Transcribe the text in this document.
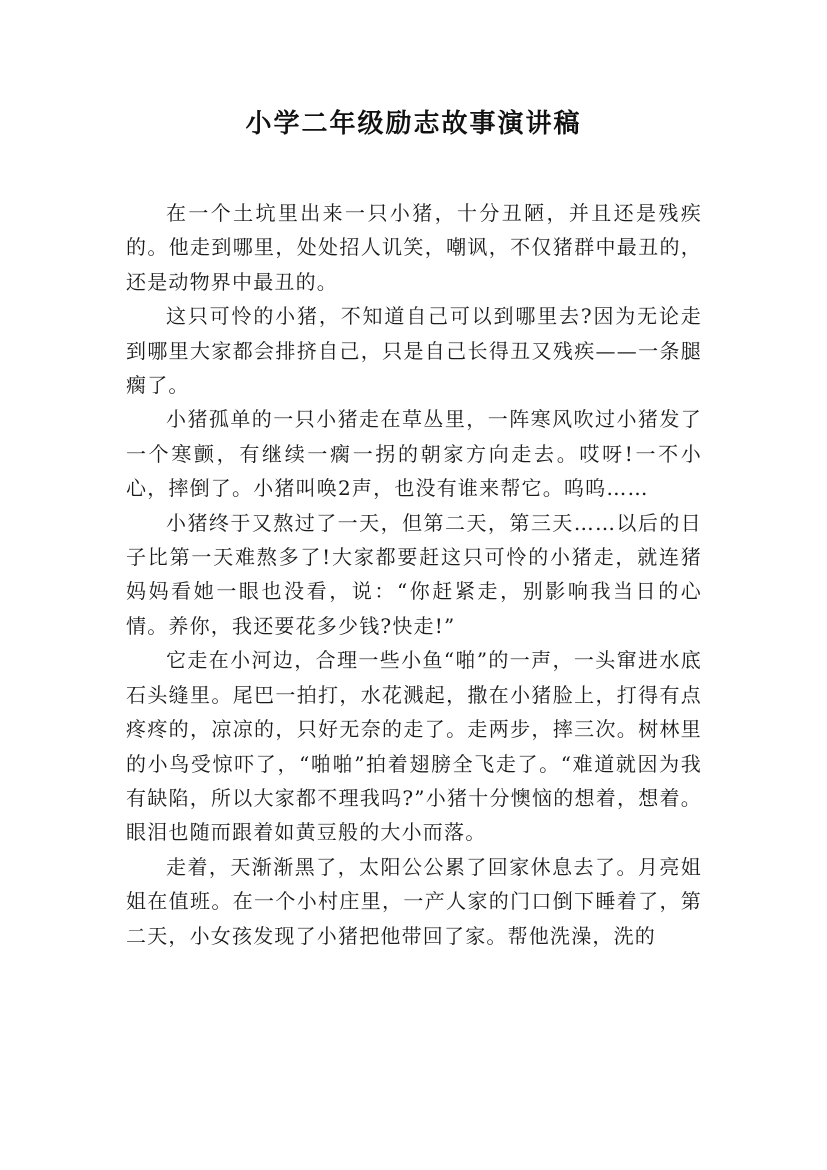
小学二年级励志故事演讲稿

在一个土坑里出来一只小猪，十分丑陋，并且还是残疾的。他走到哪里，处处招人讥笑，嘲讽，不仅猪群中最丑的，还是动物界中最丑的。

这只可怜的小猪，不知道自己可以到哪里去?因为无论走到哪里大家都会排挤自己，只是自己长得丑又残疾——一条腿瘸了。

小猪孤单的一只小猪走在草丛里，一阵寒风吹过小猪发了一个寒颤，有继续一瘸一拐的朝家方向走去。哎呀!一不小心，摔倒了。小猪叫唤2声，也没有谁来帮它。呜呜……

小猪终于又熬过了一天，但第二天，第三天……以后的日子比第一天难熬多了!大家都要赶这只可怜的小猪走，就连猪妈妈看她一眼也没看，说：“你赶紧走，别影响我当日的心情。养你，我还要花多少钱?快走!”

它走在小河边，合理一些小鱼“啪”的一声，一头窜进水底石头缝里。尾巴一拍打，水花溅起，撒在小猪脸上，打得有点疼疼的，凉凉的，只好无奈的走了。走两步，摔三次。树林里的小鸟受惊吓了，“啪啪”拍着翅膀全飞走了。“难道就因为我有缺陷，所以大家都不理我吗?”小猪十分懊恼的想着，想着。眼泪也随而跟着如黄豆般的大小而落。

走着，天渐渐黑了，太阳公公累了回家休息去了。月亮姐姐在值班。在一个小村庄里，一产人家的门口倒下睡着了，第二天，小女孩发现了小猪把他带回了家。帮他洗澡，洗的
